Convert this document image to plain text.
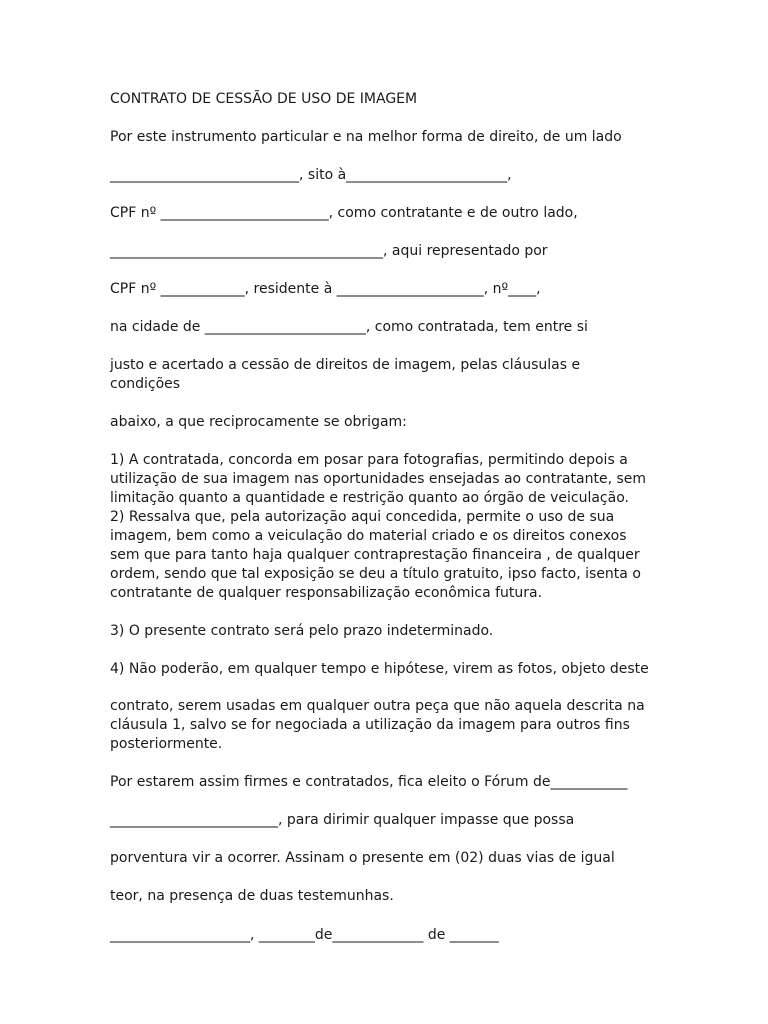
CONTRATO DE CESSÃO DE USO DE IMAGEM
Por este instrumento particular e na melhor forma de direito, de um lado
___________________________, sito à_______________________,
CPF nº ________________________, como contratante e de outro lado,
_______________________________________, aqui representado por
CPF nº ____________, residente à _____________________, nº____,
na cidade de _______________________, como contratada, tem entre si
justo e acertado a cessão de direitos de imagem, pelas cláusulas e
condições
abaixo, a que reciprocamente se obrigam:
1) A contratada, concorda em posar para fotografias, permitindo depois a
utilização de sua imagem nas oportunidades ensejadas ao contratante, sem
limitação quanto a quantidade e restrição quanto ao órgão de veiculação.
2) Ressalva que, pela autorização aqui concedida, permite o uso de sua
imagem, bem como a veiculação do material criado e os direitos conexos
sem que para tanto haja qualquer contraprestação financeira , de qualquer
ordem, sendo que tal exposição se deu a título gratuito, ipso facto, isenta o
contratante de qualquer responsabilização econômica futura.
3) O presente contrato será pelo prazo indeterminado.
4) Não poderão, em qualquer tempo e hipótese, virem as fotos, objeto deste
contrato, serem usadas em qualquer outra peça que não aquela descrita na
cláusula 1, salvo se for negociada a utilização da imagem para outros fins
posteriormente.
Por estarem assim firmes e contratados, fica eleito o Fórum de___________
________________________, para dirimir qualquer impasse que possa
porventura vir a ocorrer. Assinam o presente em (02) duas vias de igual
teor, na presença de duas testemunhas.
____________________, ________de_____________ de _______
